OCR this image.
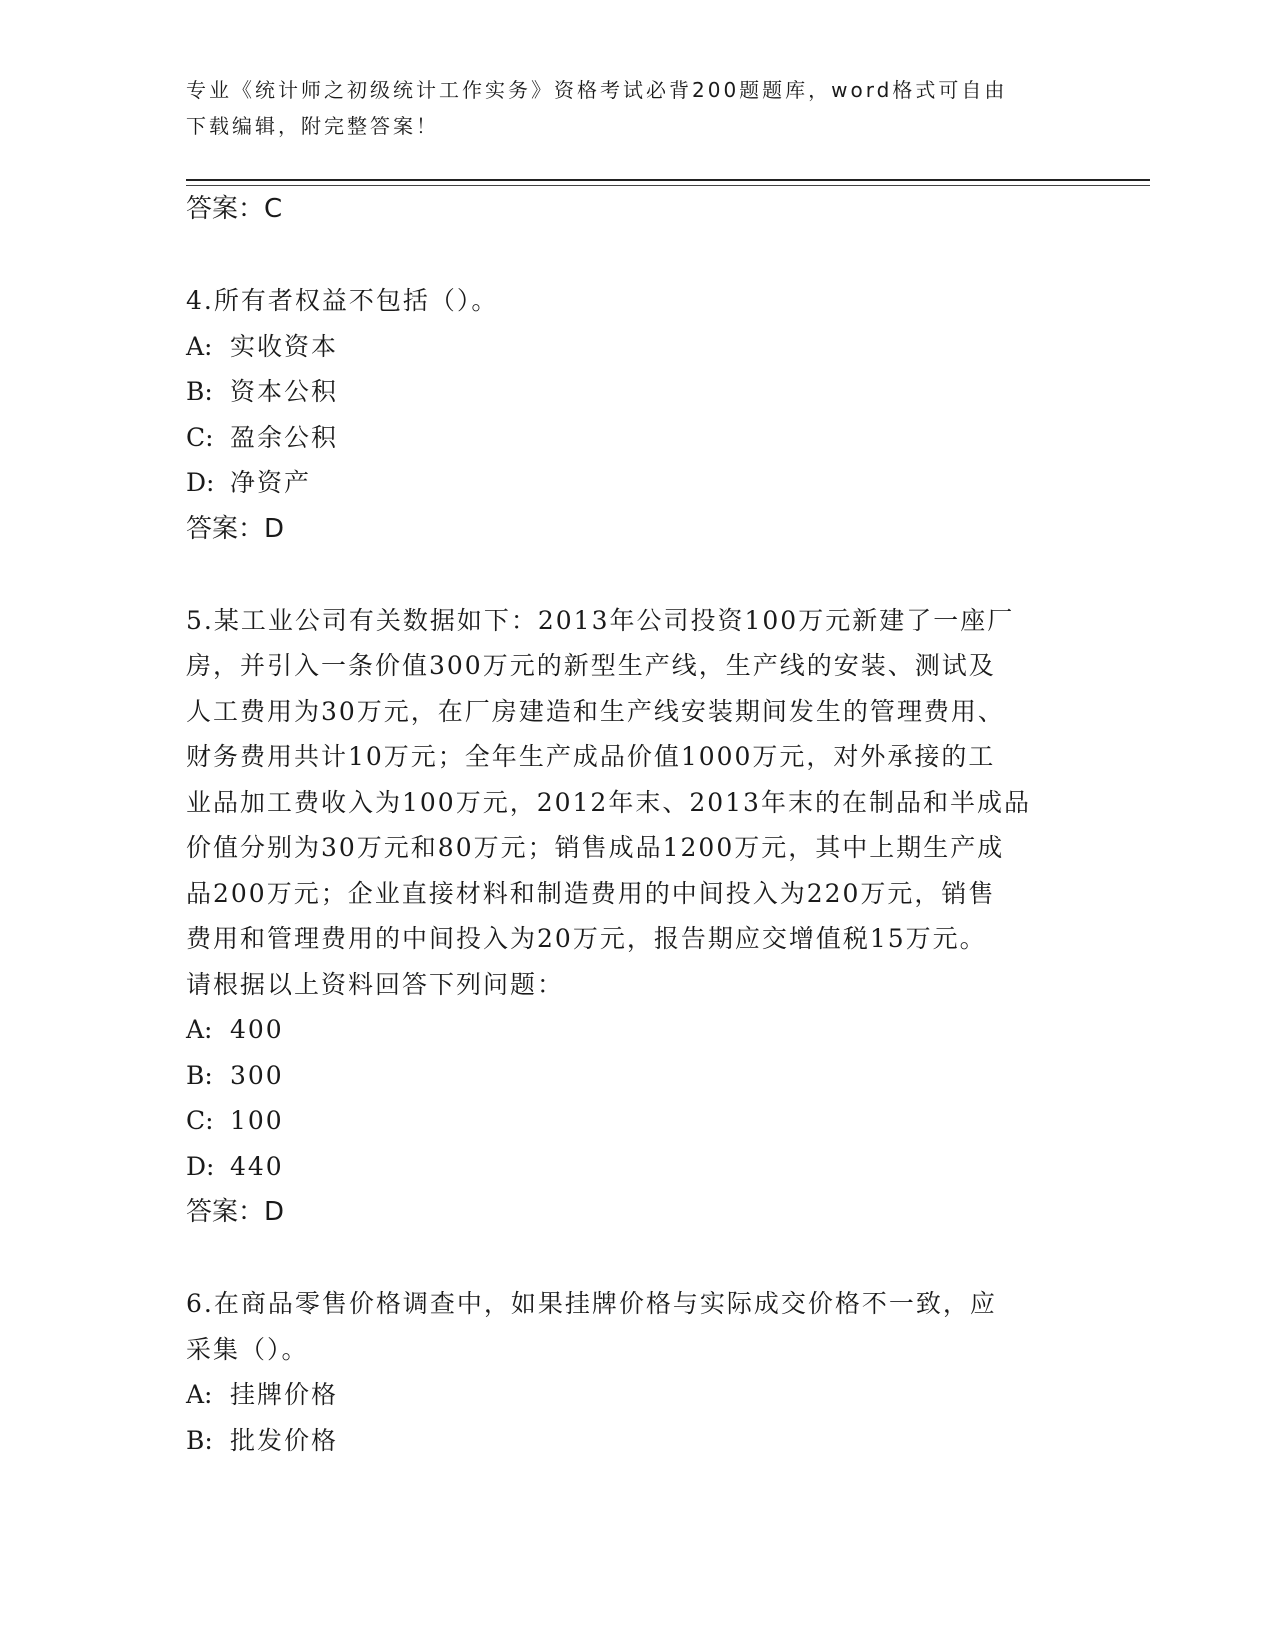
专业《统计师之初级统计工作实务》资格考试必背200题题库，word格式可自由
下载编辑，附完整答案！
答案：C
4.所有者权益不包括（）。
A: 实收资本
B: 资本公积
C: 盈余公积
D: 净资产
答案：D
5.某工业公司有关数据如下：2013年公司投资100万元新建了一座厂
房，并引入一条价值300万元的新型生产线，生产线的安装、测试及
人工费用为30万元，在厂房建造和生产线安装期间发生的管理费用、
财务费用共计10万元；全年生产成品价值1000万元，对外承接的工
业品加工费收入为100万元，2012年末、2013年末的在制品和半成品
价值分别为30万元和80万元；销售成品1200万元，其中上期生产成
品200万元；企业直接材料和制造费用的中间投入为220万元，销售
费用和管理费用的中间投入为20万元，报告期应交增值税15万元。
请根据以上资料回答下列问题：
A: 400
B: 300
C: 100
D: 440
答案：D
6.在商品零售价格调查中，如果挂牌价格与实际成交价格不一致，应
采集（）。
A: 挂牌价格
B: 批发价格
